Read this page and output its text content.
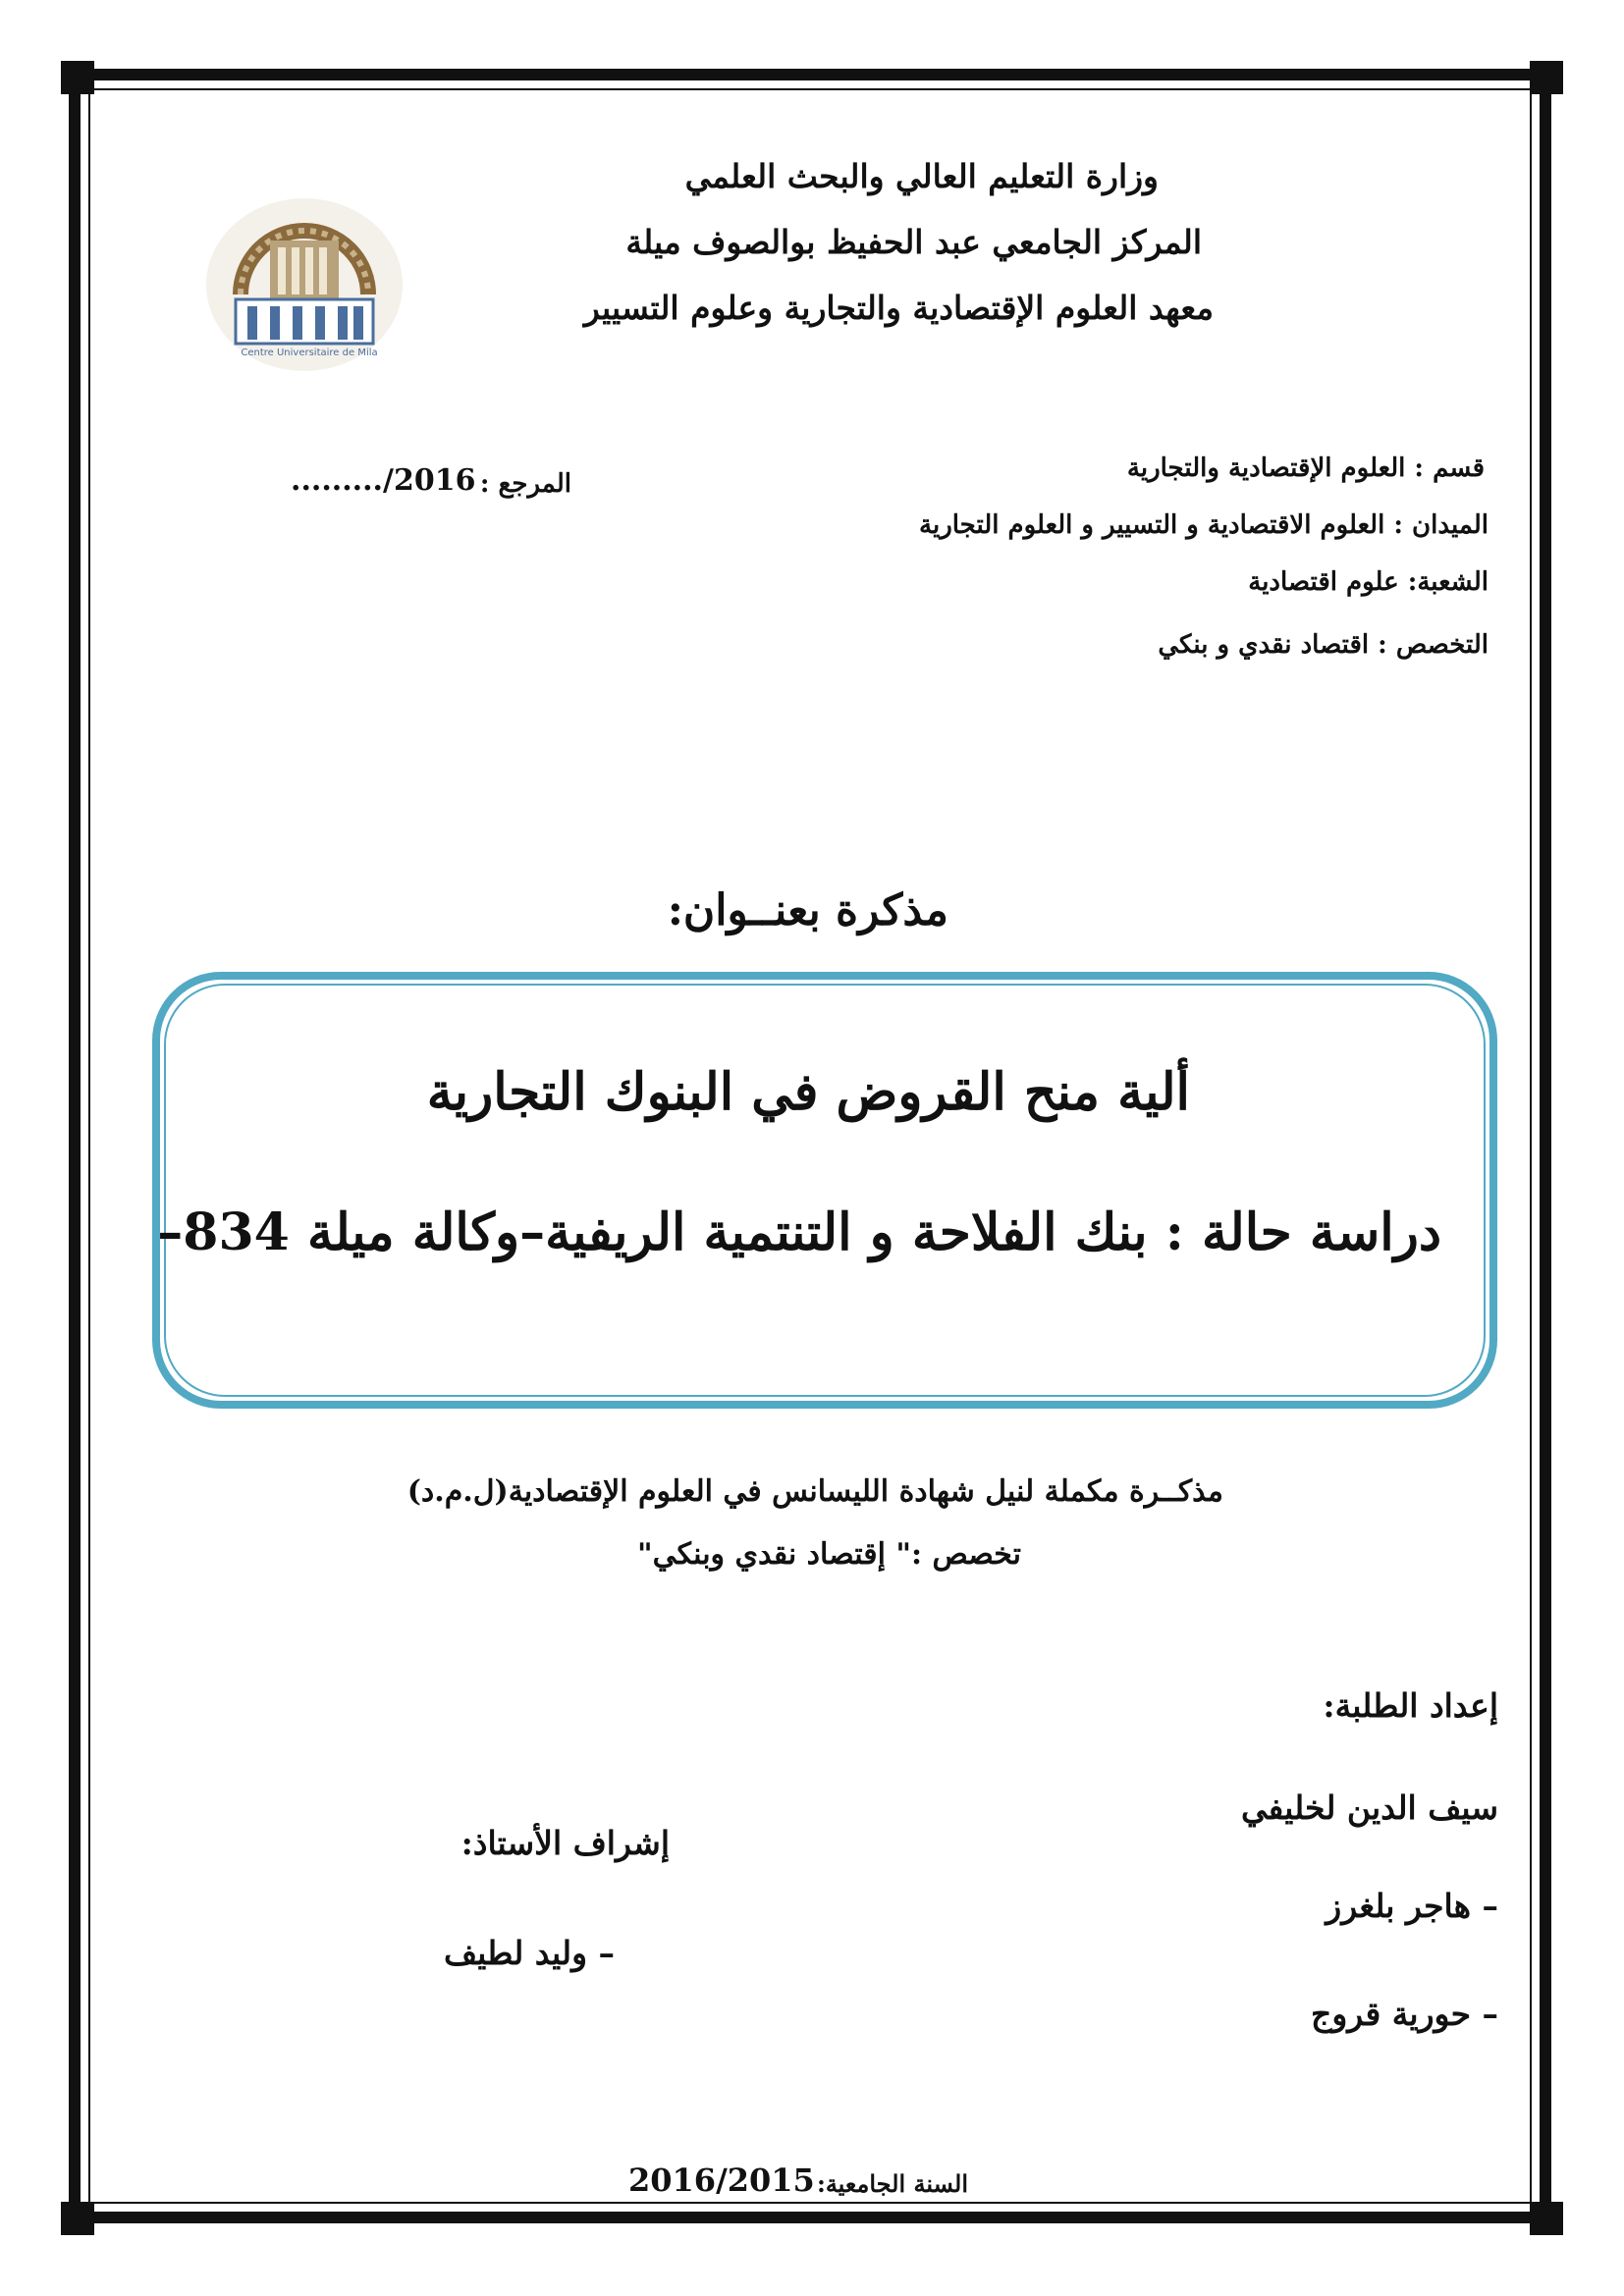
Centre Universitaire de Mila
وزارة التعليم العالي والبحث العلمي
المركز الجامعي عبد الحفيظ بوالصوف ميلة
معهد العلوم الإقتصادية والتجارية وعلوم التسيير
قسم : العلوم الإقتصادية والتجارية
الميدان : العلوم الاقتصادية و التسيير و العلوم التجارية
الشعبة: علوم اقتصادية
التخصص : اقتصاد نقدي و بنكي
المرجع :
........./2016
مذكرة بعنــوان:
ألية منح القروض في البنوك التجارية
دراسة حالة : بنك الفلاحة و التنتمية الريفية–وكالة ميلة 834–
مذكــرة مكملة لنيل شهادة الليسانس في العلوم الإقتصادية(ل.م.د)
تخصص :" إقتصاد نقدي وبنكي"
إعداد الطلبة:
سيف الدين لخليفي
– هاجر بلغرز
– حورية قروج
إشراف الأستاذ:
– وليد لطيف
السنة الجامعية:
2016/2015
